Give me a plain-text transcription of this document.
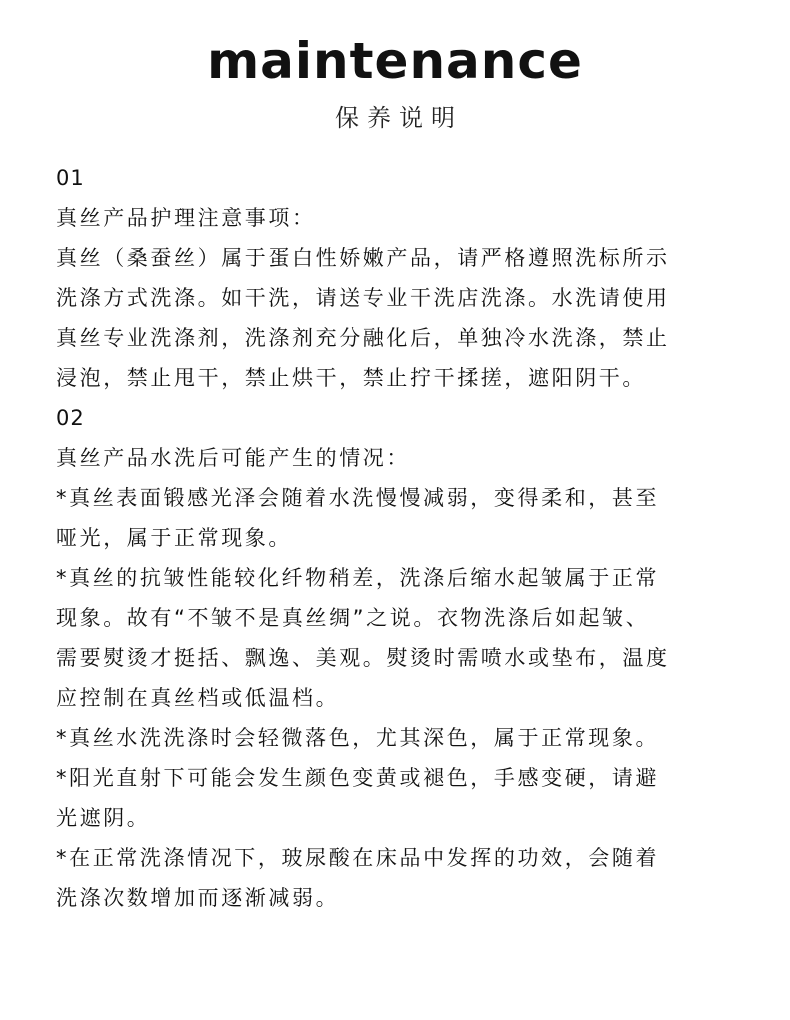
maintenance
保养说明
01
真丝产品护理注意事项：
真丝（桑蚕丝）属于蛋白性娇嫩产品，请严格遵照洗标所示
洗涤方式洗涤。如干洗，请送专业干洗店洗涤。水洗请使用
真丝专业洗涤剂，洗涤剂充分融化后，单独冷水洗涤，禁止
浸泡，禁止甩干，禁止烘干，禁止拧干揉搓，遮阳阴干。
02
真丝产品水洗后可能产生的情况：
*真丝表面锻感光泽会随着水洗慢慢减弱，变得柔和，甚至
哑光，属于正常现象。
*真丝的抗皱性能较化纤物稍差，洗涤后缩水起皱属于正常
现象。故有“不皱不是真丝绸”之说。衣物洗涤后如起皱、
需要熨烫才挺括、飘逸、美观。熨烫时需喷水或垫布，温度
应控制在真丝档或低温档。
*真丝水洗洗涤时会轻微落色，尤其深色，属于正常现象。
*阳光直射下可能会发生颜色变黄或褪色，手感变硬，请避
光遮阴。
*在正常洗涤情况下，玻尿酸在床品中发挥的功效，会随着
洗涤次数增加而逐渐减弱。
